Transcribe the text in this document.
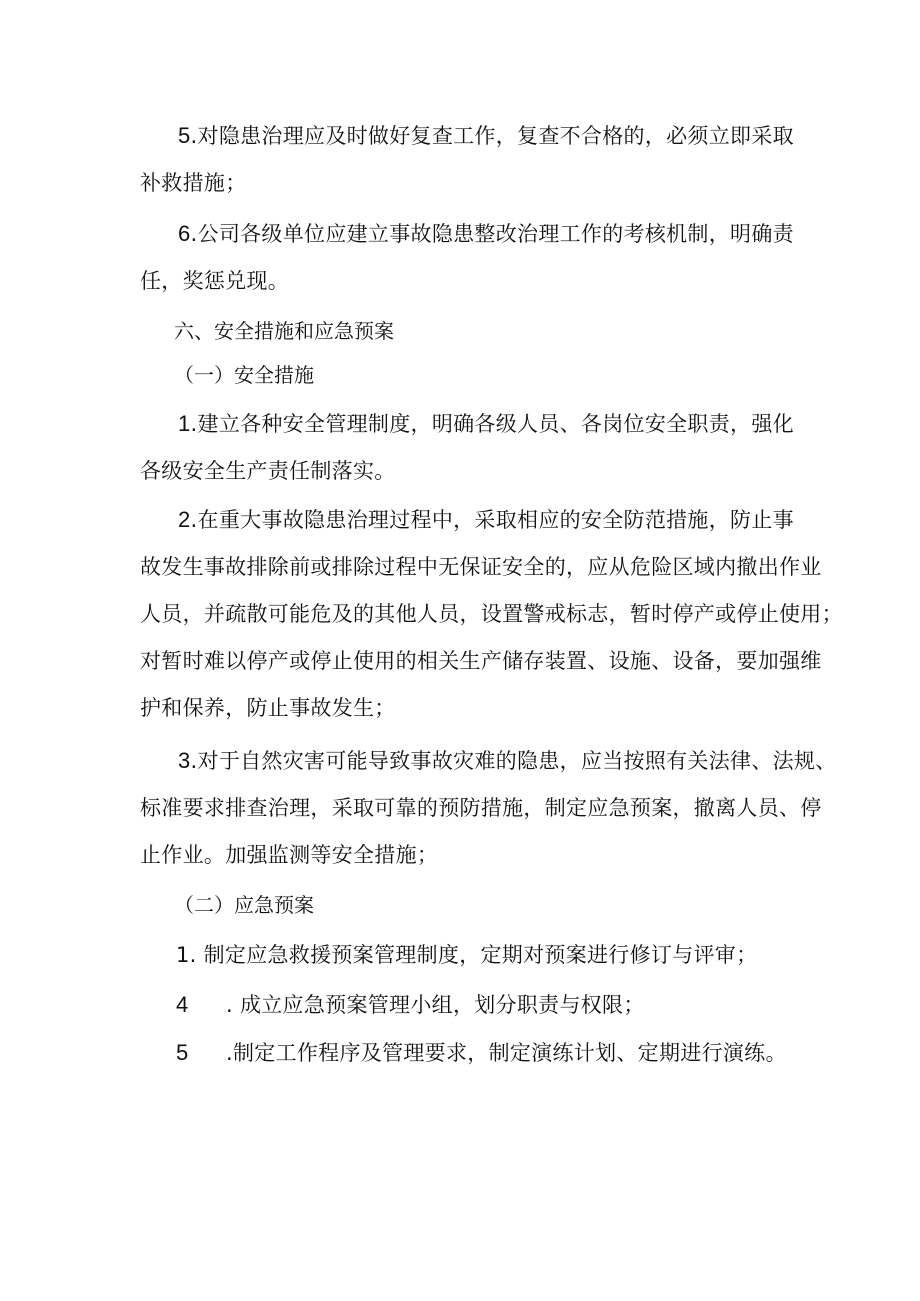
5.对隐患治理应及时做好复查工作，复查不合格的，必须立即采取
补救措施；
6.公司各级单位应建立事故隐患整改治理工作的考核机制，明确责
任，奖惩兑现。
六、安全措施和应急预案
（一）安全措施
1.建立各种安全管理制度，明确各级人员、各岗位安全职责，强化
各级安全生产责任制落实。
2.在重大事故隐患治理过程中，采取相应的安全防范措施，防止事
故发生事故排除前或排除过程中无保证安全的，应从危险区域内撤出作业
人员，并疏散可能危及的其他人员，设置警戒标志，暂时停产或停止使用；
对暂时难以停产或停止使用的相关生产储存装置、设施、设备，要加强维
护和保养，防止事故发生；
3.对于自然灾害可能导致事故灾难的隐患，应当按照有关法律、法规、
标准要求排查治理，采取可靠的预防措施，制定应急预案，撤离人员、停
止作业。加强监测等安全措施；
（二）应急预案
1. 制定应急救援预案管理制度，定期对预案进行修订与评审；
4 . 成立应急预案管理小组，划分职责与权限；
5 .制定工作程序及管理要求，制定演练计划、定期进行演练。
